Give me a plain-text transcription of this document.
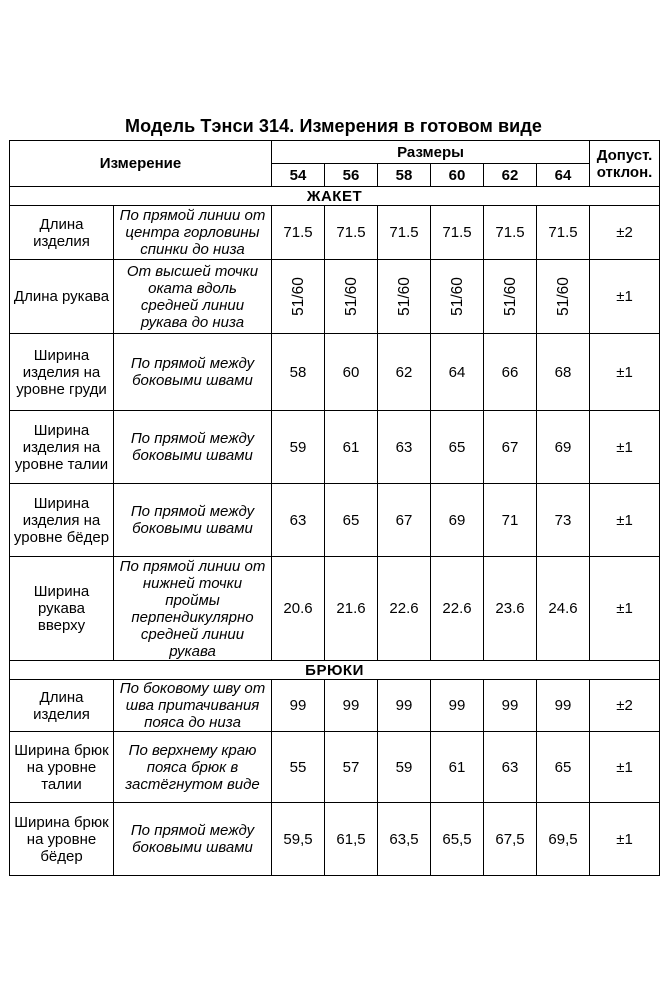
Модель Тэнси 314. Измерения в готовом виде
Измерение		Размеры						Допуст. отклон.
		54	56	58	60	62	64	
ЖАКЕТ								
Длина изделия	По прямой линии от центра горловины спинки до низа	71.5	71.5	71.5	71.5	71.5	71.5	±2
Длина рукава	От высшей точки оката вдоль средней линии рукава до низа	51/60	51/60	51/60	51/60	51/60	51/60	±1
Ширина изделия на уровне груди	По прямой между боковыми швами	58	60	62	64	66	68	±1
Ширина изделия на уровне талии	По прямой между боковыми швами	59	61	63	65	67	69	±1
Ширина изделия на уровне бёдер	По прямой между боковыми швами	63	65	67	69	71	73	±1
Ширина рукава вверху	По прямой линии от нижней точки проймы перпендикулярно средней линии рукава	20.6	21.6	22.6	22.6	23.6	24.6	±1
БРЮКИ								
Длина изделия	По боковому шву от шва притачивания пояса до низа	99	99	99	99	99	99	±2
Ширина брюк на уровне талии	По верхнему краю пояса брюк в застёгнутом виде	55	57	59	61	63	65	±1
Ширина брюк на уровне бёдер	По прямой между боковыми швами	59,5	61,5	63,5	65,5	67,5	69,5	±1
